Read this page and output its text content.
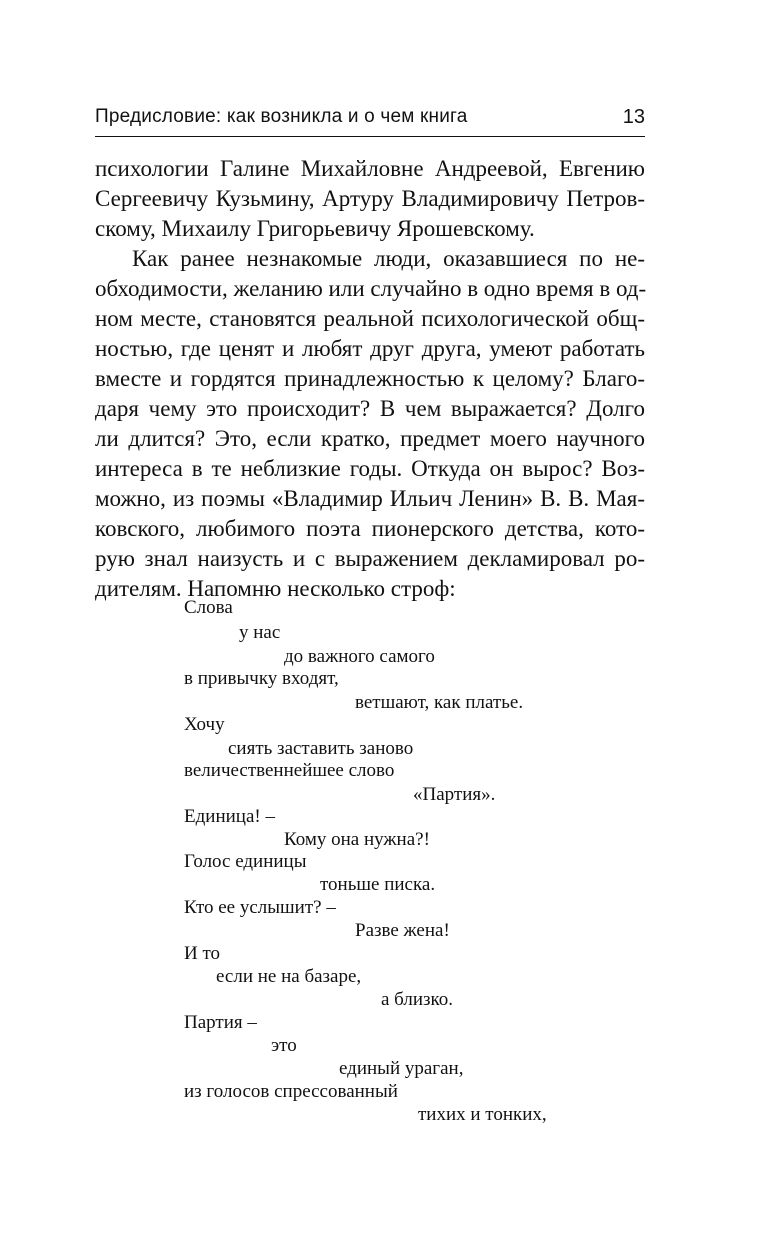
Предисловие: как возникла и о чем книга	13
психологии Галине Михайловне Андреевой, Евгению
Сергеевичу Кузьмину, Артуру Владимировичу Петров-
скому, Михаилу Григорьевичу Ярошевскому.
Как ранее незнакомые люди, оказавшиеся по не-
обходимости, желанию или случайно в одно время в од-
ном месте, становятся реальной психологической общ-
ностью, где ценят и любят друг друга, умеют работать
вместе и гордятся принадлежностью к целому? Благо-
даря чему это происходит? В чем выражается? Долго
ли длится? Это, если кратко, предмет моего научного
интереса в те неблизкие годы. Откуда он вырос? Воз-
можно, из поэмы «Владимир Ильич Ленин» В. В. Мая-
ковского, любимого поэта пионерского детства, кото-
рую знал наизусть и с выражением декламировал ро-
дителям. Напомню несколько строф:
Слова
у нас
до важного самого
в привычку входят,
ветшают, как платье.
Хочу
сиять заставить заново
величественнейшее слово
«Партия».
Единица! –
Кому она нужна?!
Голос единицы
тоньше писка.
Кто ее услышит? –
Разве жена!
И то
если не на базаре,
а близко.
Партия –
это
единый ураган,
из голосов спрессованный
тихих и тонких,
